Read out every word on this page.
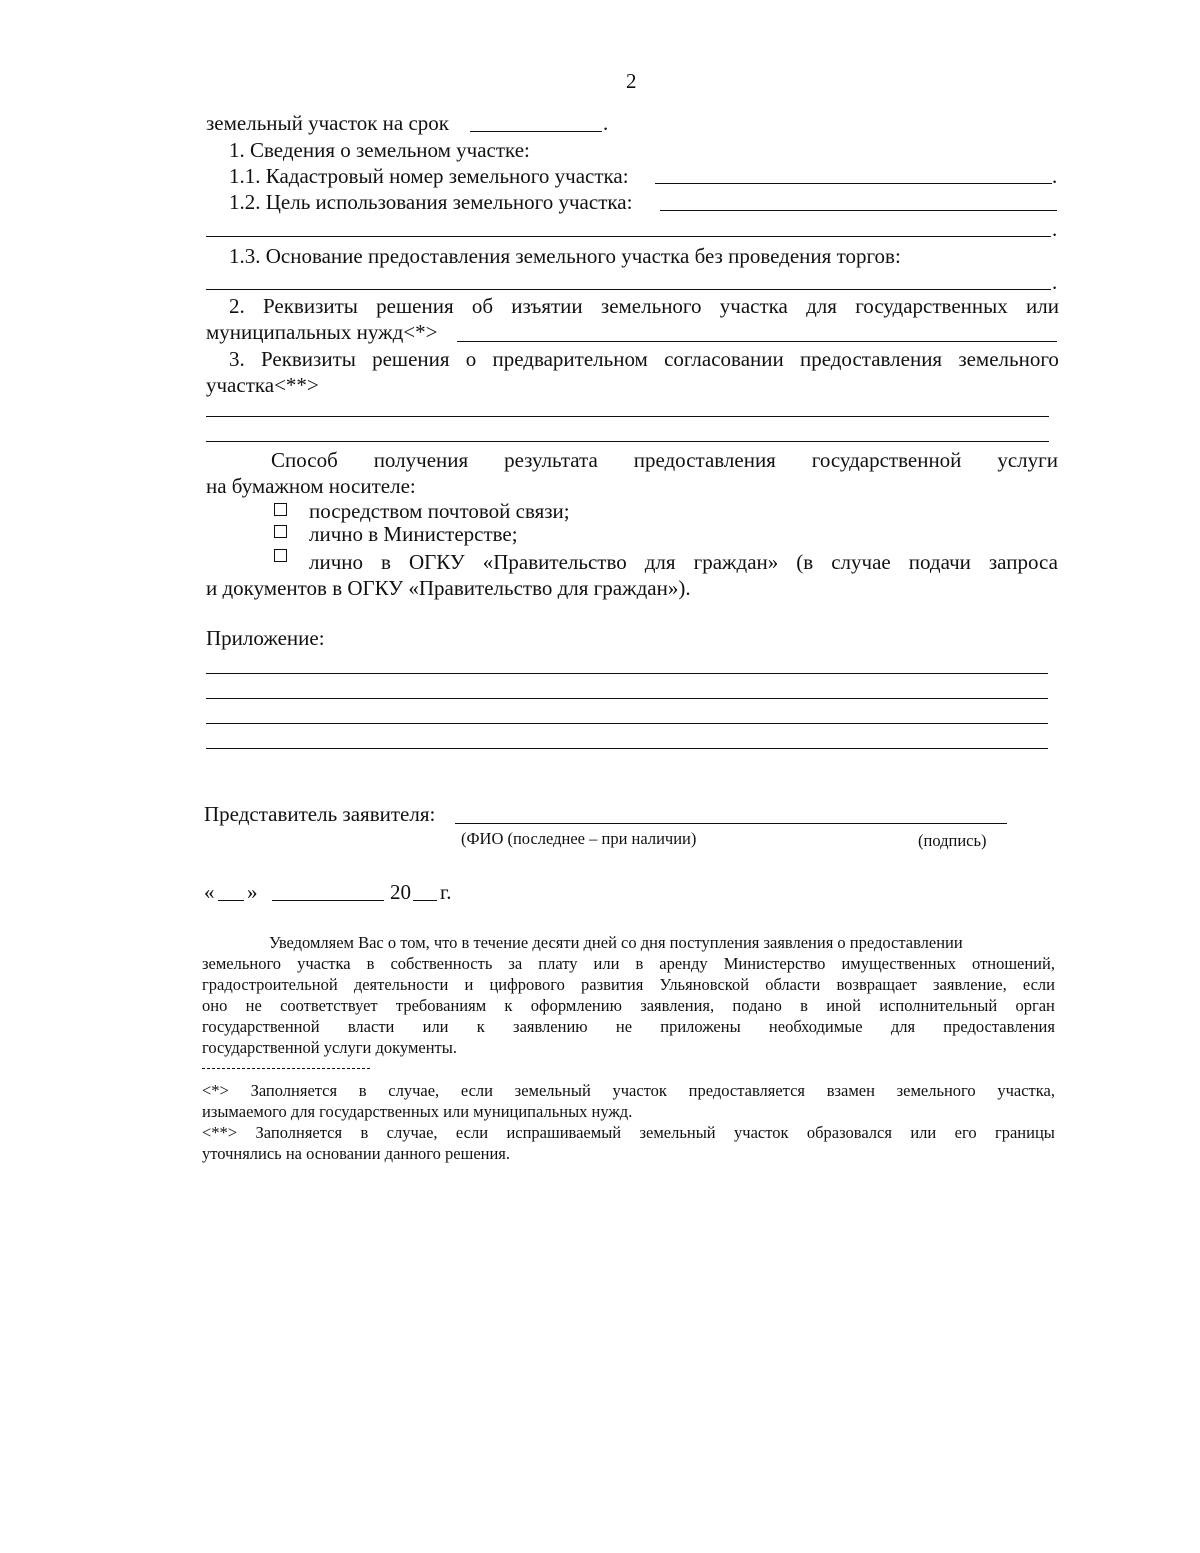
2
земельный участок на срок	.
1. Сведения о земельном участке:
1.1. Кадастровый номер земельного участка:	.
1.2. Цель использования земельного участка:
.
1.3. Основание предоставления земельного участка без проведения торгов:
.
2. Реквизиты решения об изъятии земельного участка для государственных или
муниципальных нужд<*>
3. Реквизиты решения о предварительном согласовании предоставления земельного
участка<**>
Способ получения результата предоставления государственной услуги
на бумажном носителе:
посредством почтовой связи;
лично в Министерстве;
лично в ОГКУ «Правительство для граждан» (в случае подачи запроса
и документов в ОГКУ «Правительство для граждан»).
Приложение:
Представитель заявителя:
(ФИО (последнее – при наличии)	(подпись)
« »	20 г.
Уведомляем Вас о том, что в течение десяти дней со дня поступления заявления о предоставлении
земельного участка в собственность за плату или в аренду Министерство имущественных отношений,
градостроительной деятельности и цифрового развития Ульяновской области возвращает заявление, если
оно не соответствует требованиям к оформлению заявления, подано в иной исполнительный орган
государственной власти или к заявлению не приложены необходимые для предоставления
государственной услуги документы.
<*> Заполняется в случае, если земельный участок предоставляется взамен земельного участка,
изымаемого для государственных или муниципальных нужд.
<**> Заполняется в случае, если испрашиваемый земельный участок образовался или его границы
уточнялись на основании данного решения.
